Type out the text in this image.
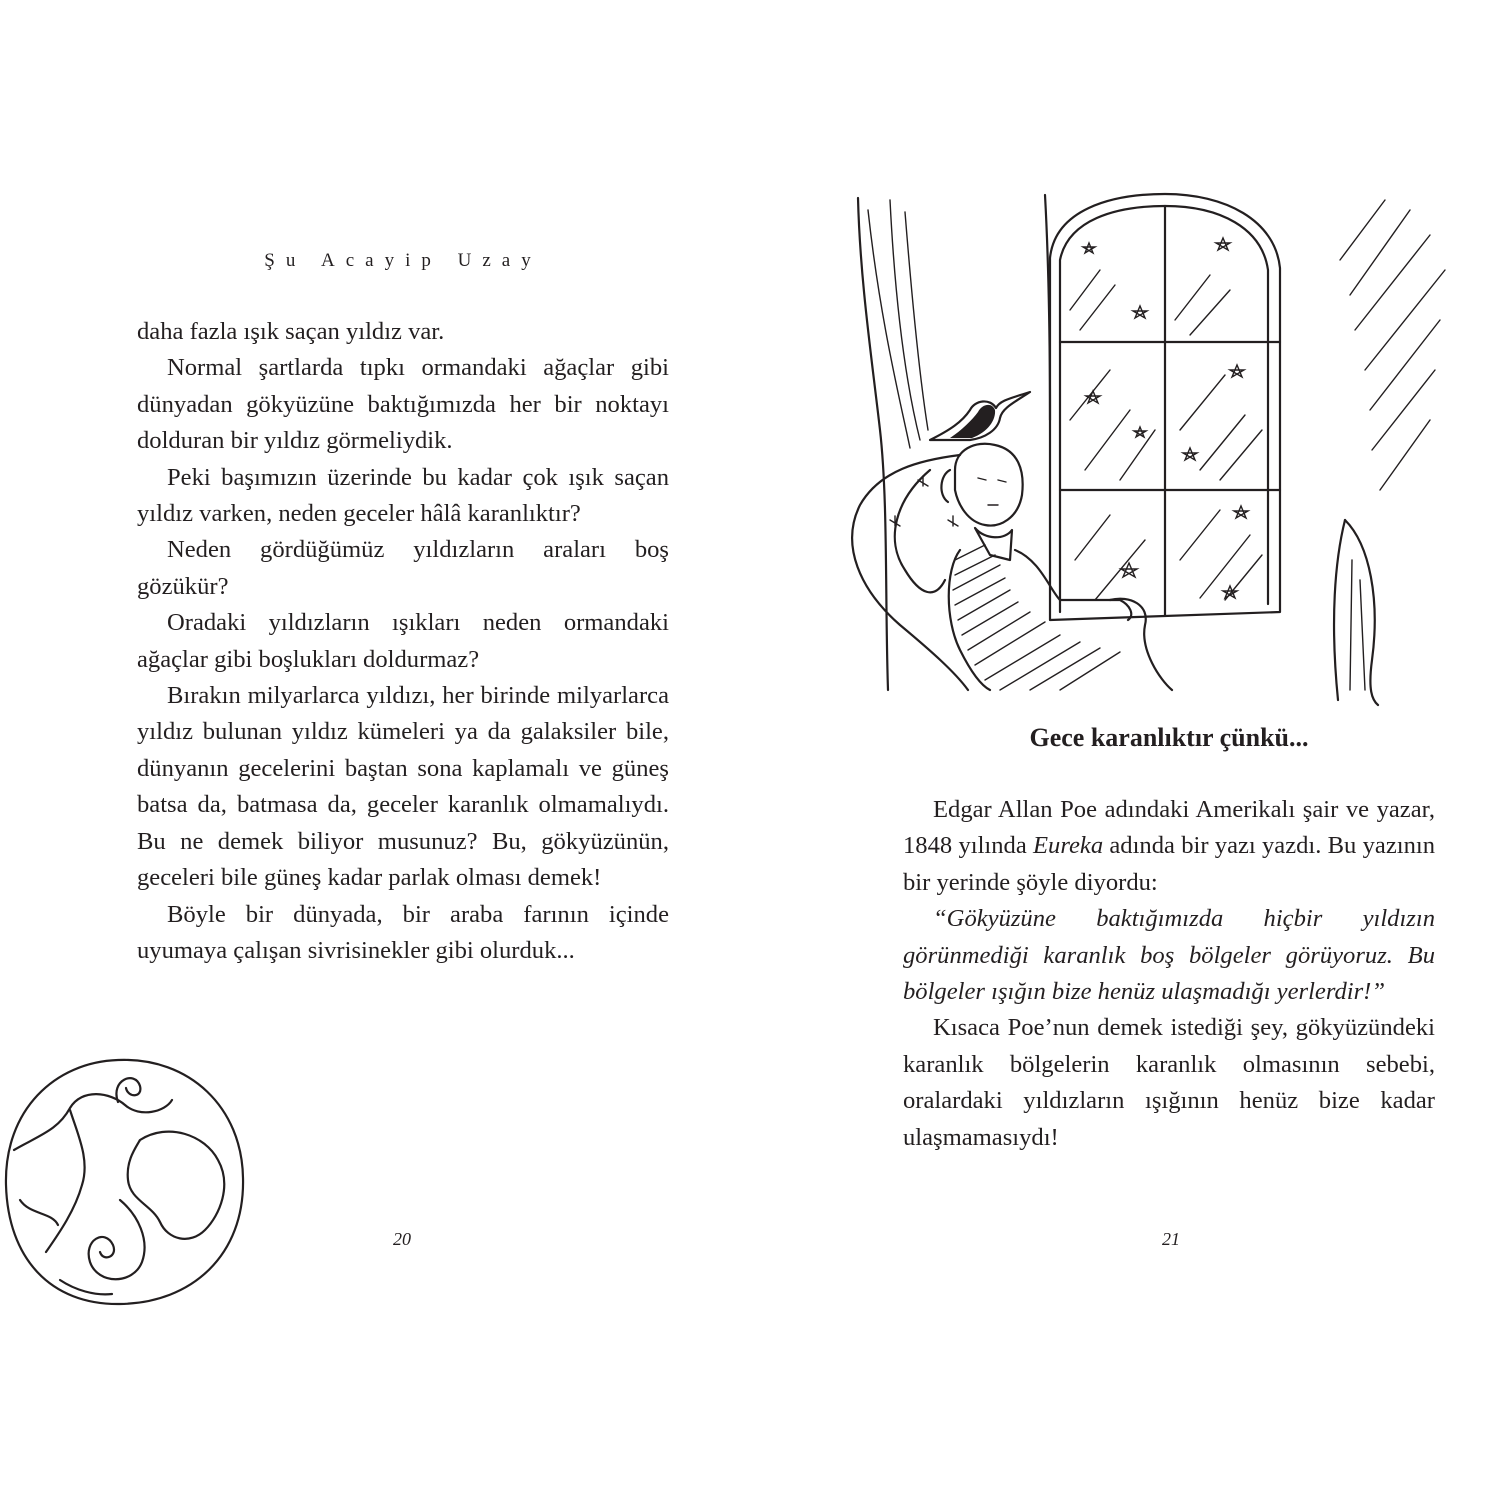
Şu Acayip Uzay

daha fazla ışık saçan yıldız var.

Normal şartlarda tıpkı ormandaki ağaçlar gibi dünyadan gökyüzüne baktığımızda her bir noktayı dolduran bir yıldız görmeliydik.

Peki başımızın üzerinde bu kadar çok ışık saçan yıldız varken, neden geceler hâlâ karanlıktır?

Neden gördüğümüz yıldızların araları boş gözükür?

Oradaki yıldızların ışıkları neden ormandaki ağaçlar gibi boşlukları doldurmaz?

Bırakın milyarlarca yıldızı, her birinde milyarlarca yıldız bulunan yıldız kümeleri ya da galaksiler bile, dünyanın gecelerini baştan sona kaplamalı ve güneş batsa da, batmasa da, geceler karanlık olmamalıydı. Bu ne demek biliyor musunuz? Bu, gökyüzünün, geceleri bile güneş kadar parlak olması demek!

Böyle bir dünyada, bir araba farının içinde uyumaya çalışan sivrisinekler gibi olurduk...

Gece karanlıktır çünkü...

Edgar Allan Poe adındaki Amerikalı şair ve yazar, 1848 yılında Eureka adında bir yazı yazdı. Bu yazının bir yerinde şöyle diyordu:

“Gökyüzüne baktığımızda hiçbir yıldızın görünmediği karanlık boş bölgeler görüyoruz. Bu bölgeler ışığın bize henüz ulaşmadığı yerlerdir!”

Kısaca Poe’nun demek istediği şey, gökyüzündeki karanlık bölgelerin karanlık olmasının sebebi, oralardaki yıldızların ışığının henüz bize kadar ulaşmamasıydı!

20	21
